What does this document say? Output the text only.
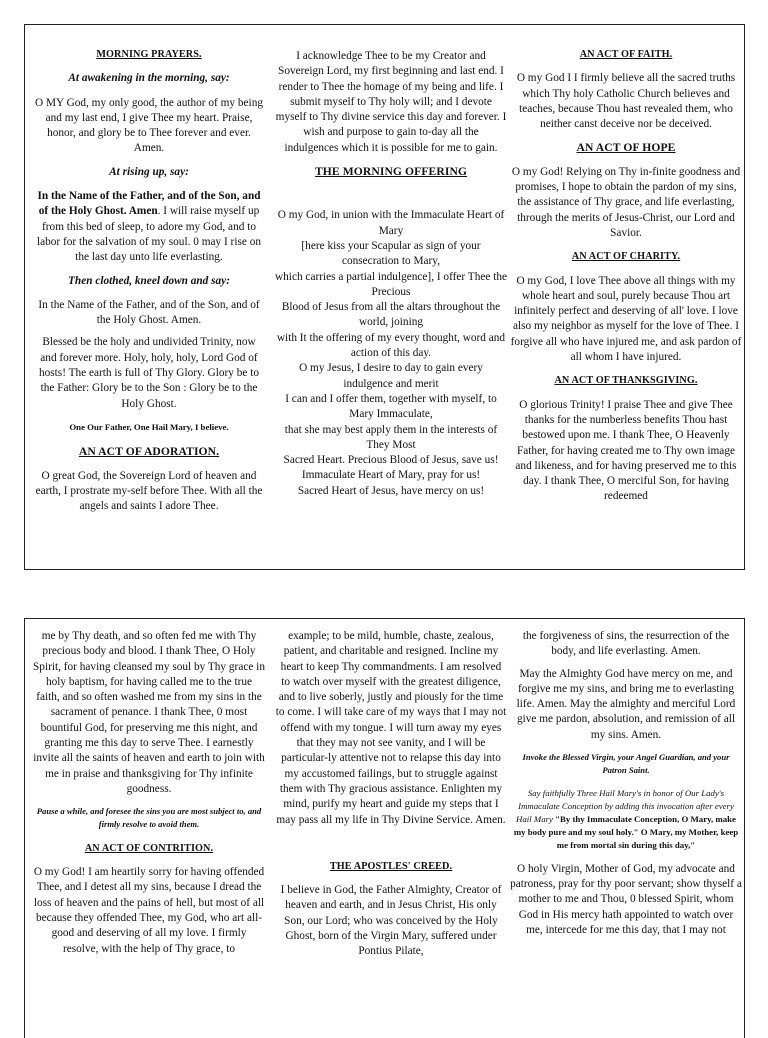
MORNING PRAYERS.

At awakening in the morning, say:

O MY God, my only good, the author of my being and my last end, I give Thee my heart. Praise, honor, and glory be to Thee forever and ever. Amen.

At rising up, say:

In the Name of the Father, and of the Son, and of the Holy Ghost. Amen. I will raise myself up from this bed of sleep, to adore my God, and to labor for the salvation of my soul. 0 may I rise on the last day unto life everlasting.

Then clothed, kneel down and say:

In the Name of the Father, and of the Son, and of the Holy Ghost. Amen.

Blessed be the holy and undivided Trinity, now and forever more. Holy, holy, holy, Lord God of hosts! The earth is full of Thy Glory. Glory be to the Father: Glory be to the Son : Glory be to the Holy Ghost.

One Our Father, One Hail Mary, I believe.

AN ACT OF ADORATION.

O great God, the Sovereign Lord of heaven and earth, I prostrate my-self before Thee. With all the angels and saints I adore Thee.

I acknowledge Thee to be my Creator and Sovereign Lord, my first beginning and last end. I render to Thee the homage of my being and life. I submit myself to Thy holy will; and I devote myself to Thy divine service this day and forever. I wish and purpose to gain to-day all the indulgences which it is possible for me to gain.

THE MORNING OFFERING

O my God, in union with the Immaculate Heart of Mary
[here kiss your Scapular as sign of your consecration to Mary,
which carries a partial indulgence], I offer Thee the Precious
Blood of Jesus from all the altars throughout the world, joining
with It the offering of my every thought, word and action of this day.
O my Jesus, I desire to day to gain every indulgence and merit
I can and I offer them, together with myself, to Mary Immaculate,
that she may best apply them in the interests of They Most
Sacred Heart. Precious Blood of Jesus, save us!
Immaculate Heart of Mary, pray for us!
Sacred Heart of Jesus, have mercy on us!

AN ACT OF FAITH.

O my God I I firmly believe all the sacred truths which Thy holy Catholic Church believes and teaches, because Thou hast revealed them, who neither canst deceive nor be deceived.

AN ACT OF HOPE

O my God! Relying on Thy in-finite goodness and promises, I hope to obtain the pardon of my sins, the assistance of Thy grace, and life everlasting, through the merits of Jesus-Christ, our Lord and Savior.

AN ACT OF CHARITY.

O my God, I love Thee above all things with my whole heart and soul, purely because Thou art infinitely perfect and deserving of all' love. I love also my neighbor as myself for the love of Thee. I forgive all who have injured me, and ask pardon of all whom I have injured.

AN ACT OF THANKSGIVING.

O glorious Trinity! I praise Thee and give Thee thanks for the numberless benefits Thou hast bestowed upon me. I thank Thee, O Heavenly Father, for having created me to Thy own image and likeness, and for having preserved me to this day. I thank Thee, O merciful Son, for having redeemed

me by Thy death, and so often fed me with Thy precious body and blood. I thank Thee, O Holy Spirit, for having cleansed my soul by Thy grace in holy baptism, for having called me to the true faith, and so often washed me from my sins in the sacrament of penance. I thank Thee, 0 most bountiful God, for preserving me this night, and granting me this day to serve Thee. I earnestly invite all the saints of heaven and earth to join with me in praise and thanksgiving for Thy infinite goodness.

Pause a while, and foresee the sins you are most subject to, and firmly resolve to avoid them.

AN ACT OF CONTRITION.

O my God! I am heartily sorry for having offended Thee, and I detest all my sins, because I dread the loss of heaven and the pains of hell, but most of all because they offended Thee, my God, who art all-good and deserving of all my love. I firmly resolve, with the help of Thy grace, to

example; to be mild, humble, chaste, zealous, patient, and charitable and resigned. Incline my heart to keep Thy commandments. I am resolved to watch over myself with the greatest diligence, and to live soberly, justly and piously for the time to come. I will take care of my ways that I may not offend with my tongue. I will turn away my eyes that they may not see vanity, and I will be particular-ly attentive not to relapse this day into my accustomed failings, but to struggle against them with Thy gracious assistance. Enlighten my mind, purify my heart and guide my steps that I may pass all my life in Thy Divine Service. Amen.

THE APOSTLES' CREED.

I believe in God, the Father Almighty, Creator of heaven and earth, and in Jesus Christ, His only Son, our Lord; who was conceived by the Holy Ghost, born of the Virgin Mary, suffered under Pontius Pilate,

the forgiveness of sins, the resurrection of the body, and life everlasting. Amen.

May the Almighty God have mercy on me, and forgive me my sins, and bring me to everlasting life. Amen. May the almighty and merciful Lord give me pardon, absolution, and remission of all my sins. Amen.

Invoke the Blessed Virgin, your Angel Guardian, and your Patron Saint.

Say faithfully Three Hail Mary's in honor of Our Lady's Immaculate Conception by adding this invocation after every Hail Mary "By thy Immaculate Conception, O Mary, make my body pure and my soul holy." O Mary, my Mother, keep me from mortal sin during this day,"

O holy Virgin, Mother of God, my advocate and patroness, pray for thy poor servant; show thyself a mother to me and Thou, 0 blessed Spirit, whom God in His mercy hath appointed to watch over me, intercede for me this day, that I may not
